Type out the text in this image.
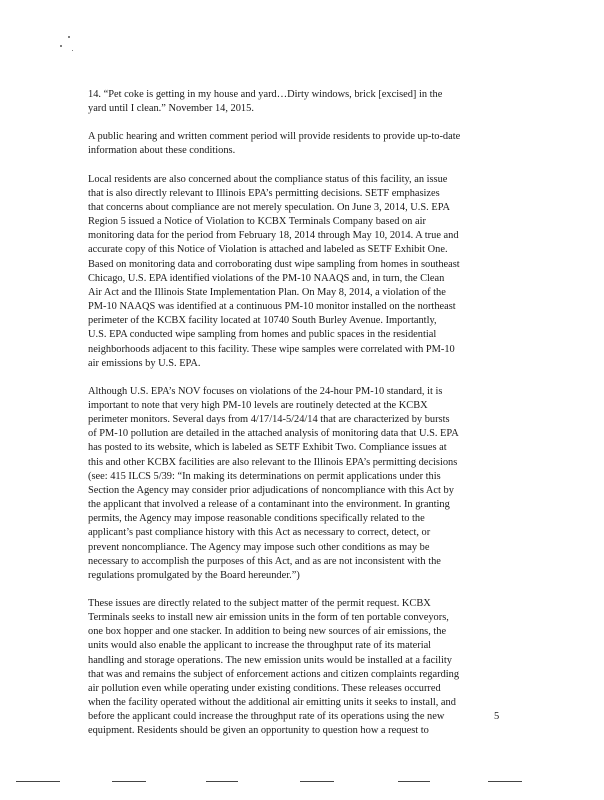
14. “Pet coke is getting in my house and yard…Dirty windows, brick [excised] in the
yard until I clean.” November 14, 2015.

A public hearing and written comment period will provide residents to provide up-to-date
information about these conditions.

Local residents are also concerned about the compliance status of this facility, an issue
that is also directly relevant to Illinois EPA’s permitting decisions. SETF emphasizes
that concerns about compliance are not merely speculation. On June 3, 2014, U.S. EPA
Region 5 issued a Notice of Violation to KCBX Terminals Company based on air
monitoring data for the period from February 18, 2014 through May 10, 2014. A true and
accurate copy of this Notice of Violation is attached and labeled as SETF Exhibit One.
Based on monitoring data and corroborating dust wipe sampling from homes in southeast
Chicago, U.S. EPA identified violations of the PM-10 NAAQS and, in turn, the Clean
Air Act and the Illinois State Implementation Plan. On May 8, 2014, a violation of the
PM-10 NAAQS was identified at a continuous PM-10 monitor installed on the northeast
perimeter of the KCBX facility located at 10740 South Burley Avenue. Importantly,
U.S. EPA conducted wipe sampling from homes and public spaces in the residential
neighborhoods adjacent to this facility. These wipe samples were correlated with PM-10
air emissions by U.S. EPA.

Although U.S. EPA’s NOV focuses on violations of the 24-hour PM-10 standard, it is
important to note that very high PM-10 levels are routinely detected at the KCBX
perimeter monitors. Several days from 4/17/14-5/24/14 that are characterized by bursts
of PM-10 pollution are detailed in the attached analysis of monitoring data that U.S. EPA
has posted to its website, which is labeled as SETF Exhibit Two. Compliance issues at
this and other KCBX facilities are also relevant to the Illinois EPA’s permitting decisions
(see: 415 ILCS 5/39: “In making its determinations on permit applications under this
Section the Agency may consider prior adjudications of noncompliance with this Act by
the applicant that involved a release of a contaminant into the environment. In granting
permits, the Agency may impose reasonable conditions specifically related to the
applicant’s past compliance history with this Act as necessary to correct, detect, or
prevent noncompliance. The Agency may impose such other conditions as may be
necessary to accomplish the purposes of this Act, and as are not inconsistent with the
regulations promulgated by the Board hereunder.”)

These issues are directly related to the subject matter of the permit request. KCBX
Terminals seeks to install new air emission units in the form of ten portable conveyors,
one box hopper and one stacker. In addition to being new sources of air emissions, the
units would also enable the applicant to increase the throughput rate of its material
handling and storage operations. The new emission units would be installed at a facility
that was and remains the subject of enforcement actions and citizen complaints regarding
air pollution even while operating under existing conditions. These releases occurred
when the facility operated without the additional air emitting units it seeks to install, and
before the applicant could increase the throughput rate of its operations using the new
equipment. Residents should be given an opportunity to question how a request to

5
